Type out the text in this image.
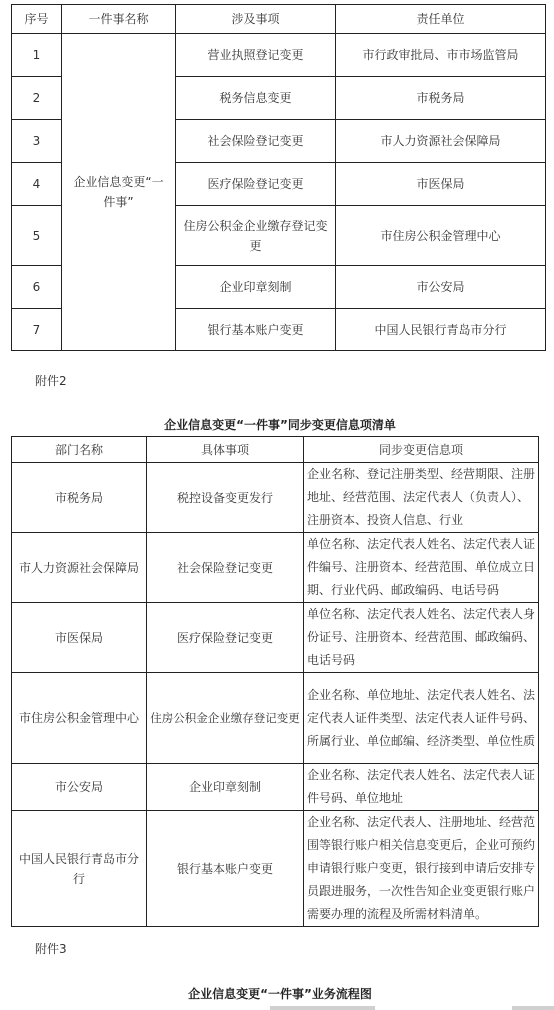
序号	一件事名称	涉及事项	责任单位
1	企业信息变更“一件事”	营业执照登记变更	市行政审批局、市市场监管局
2		税务信息变更	市税务局
3		社会保险登记变更	市人力资源社会保障局
4		医疗保险登记变更	市医保局
5		住房公积金企业缴存登记变更	市住房公积金管理中心
6		企业印章刻制	市公安局
7		银行基本账户变更	中国人民银行青岛市分行
附件2
企业信息变更“一件事”同步变更信息项清单
部门名称	具体事项	同步变更信息项
市税务局	税控设备变更发行	企业名称、登记注册类型、经营期限、注册地址、经营范围、法定代表人（负责人）、注册资本、投资人信息、行业
市人力资源社会保障局	社会保险登记变更	单位名称、法定代表人姓名、法定代表人证件编号、注册资本、经营范围、单位成立日期、行业代码、邮政编码、电话号码
市医保局	医疗保险登记变更	单位名称、法定代表人姓名、法定代表人身份证号、注册资本、经营范围、邮政编码、电话号码
市住房公积金管理中心	住房公积金企业缴存登记变更	企业名称、单位地址、法定代表人姓名、法定代表人证件类型、法定代表人证件号码、所属行业、单位邮编、经济类型、单位性质
市公安局	企业印章刻制	企业名称、法定代表人姓名、法定代表人证件号码、单位地址
中国人民银行青岛市分行	银行基本账户变更	企业名称、法定代表人、注册地址、经营范围等银行账户相关信息变更后，企业可预约申请银行账户变更，银行接到申请后安排专员跟进服务，一次性告知企业变更银行账户需要办理的流程及所需材料清单。
附件3
企业信息变更“一件事”业务流程图
